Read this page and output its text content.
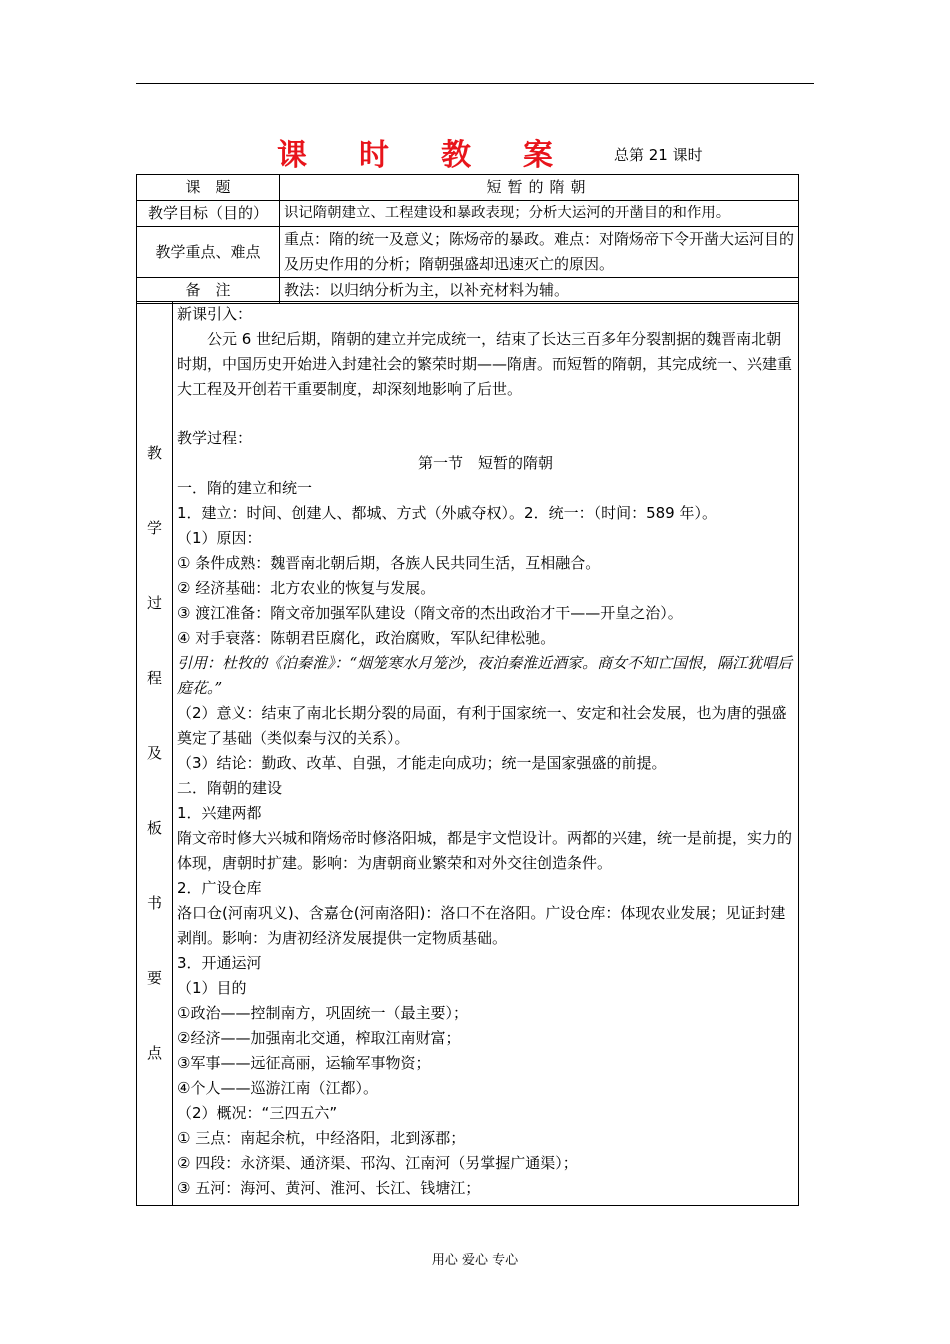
课时教案 总第 21 课时
课　题	短暂的隋朝
教学目标（目的）	识记隋朝建立、工程建设和暴政表现；分析大运河的开凿目的和作用。
教学重点、难点	重点：隋的统一及意义；陈炀帝的暴政。难点：对隋炀帝下令开凿大运河目的及历史作用的分析；隋朝强盛却迅速灭亡的原因。
备　注	教法：以归纳分析为主，以补充材料为辅。
教
学
过
程
及
板
书
要
点

新课引入：

公元 6 世纪后期，隋朝的建立并完成统一，结束了长达三百多年分裂割据的魏晋南北朝时期，中国历史开始进入封建社会的繁荣时期——隋唐。而短暂的隋朝，其完成统一、兴建重大工程及开创若干重要制度，却深刻地影响了后世。

教学过程：

第一节　短暂的隋朝

一．隋的建立和统一

1．建立：时间、创建人、都城、方式（外戚夺权）。2．统一：（时间：589 年）。

（1）原因：

① 条件成熟：魏晋南北朝后期，各族人民共同生活，互相融合。

② 经济基础：北方农业的恢复与发展。

③ 渡江准备：隋文帝加强军队建设（隋文帝的杰出政治才干——开皇之治）。

④ 对手衰落：陈朝君臣腐化，政治腐败，军队纪律松驰。

引用：杜牧的《泊秦淮》：“烟笼寒水月笼沙，夜泊秦淮近酒家。商女不知亡国恨，隔江犹唱后庭花。”

（2）意义：结束了南北长期分裂的局面，有利于国家统一、安定和社会发展，也为唐的强盛奠定了基础（类似秦与汉的关系）。

（3）结论：勤政、改革、自强，才能走向成功；统一是国家强盛的前提。

二．隋朝的建设

1．兴建两都

隋文帝时修大兴城和隋炀帝时修洛阳城，都是宇文恺设计。两都的兴建，统一是前提，实力的体现，唐朝时扩建。影响：为唐朝商业繁荣和对外交往创造条件。

2．广设仓库

洛口仓(河南巩义)、含嘉仓(河南洛阳)：洛口不在洛阳。广设仓库：体现农业发展；见证封建剥削。影响：为唐初经济发展提供一定物质基础。

3．开通运河

（1）目的

①政治——控制南方，巩固统一（最主要）；

②经济——加强南北交通，榨取江南财富；

③军事——远征高丽，运输军事物资；

④个人——巡游江南（江都）。

（2）概况：“三四五六”

① 三点：南起余杭，中经洛阳，北到涿郡；

② 四段：永济渠、通济渠、邗沟、江南河（另掌握广通渠）；

③ 五河：海河、黄河、淮河、长江、钱塘江；

用心 爱心 专心
